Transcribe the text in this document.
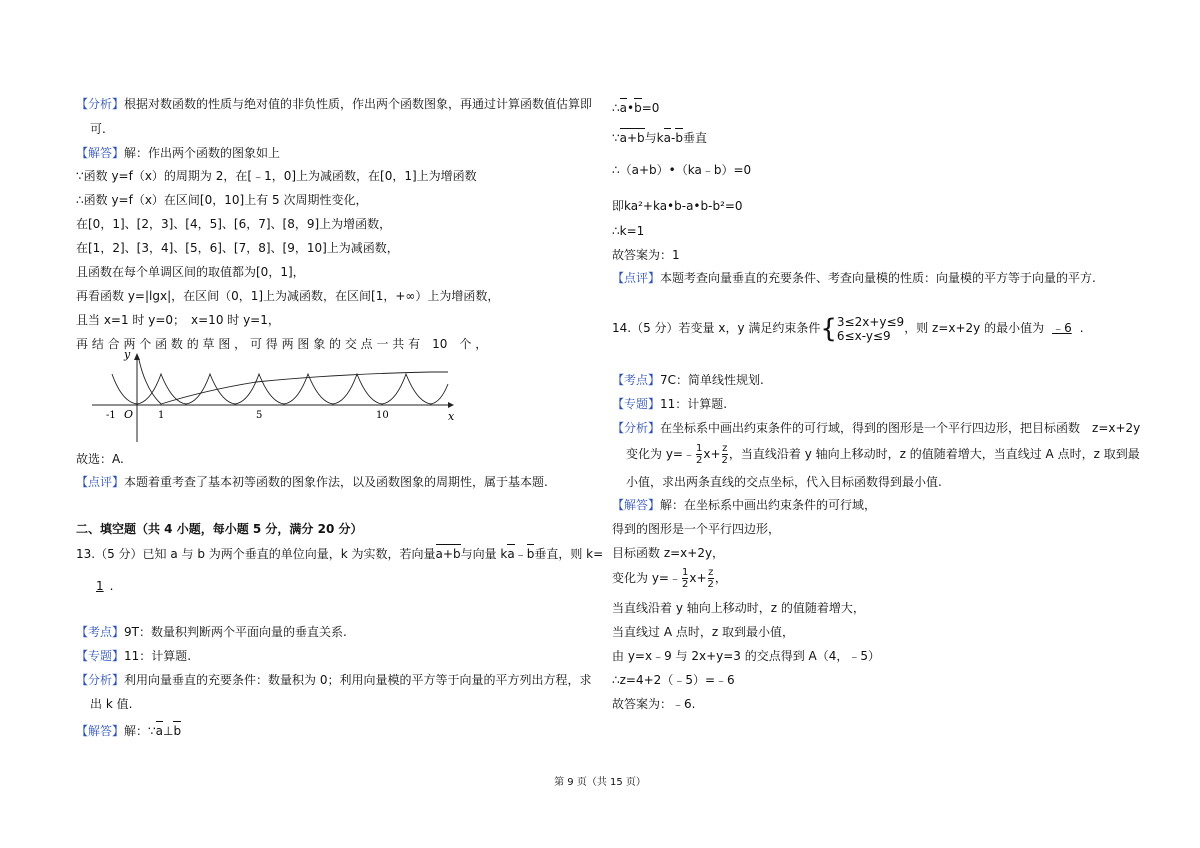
【分析】根据对数函数的性质与绝对值的非负性质，作出两个函数图象，再通过计算函数值估算即
可.
【解答】解：作出两个函数的图象如上
∵函数 y=f（x）的周期为 2，在[﹣1，0]上为减函数，在[0，1]上为增函数
∴函数 y=f（x）在区间[0，10]上有 5 次周期性变化，
在[0，1]、[2，3]、[4，5]、[6，7]、[8，9]上为增函数，
在[1，2]、[3，4]、[5，6]、[7，8]、[9，10]上为减函数，
且函数在每个单调区间的取值都为[0，1]，
再看函数 y=|lgx|，在区间（0，1]上为减函数，在区间[1，+∞）上为增函数，
且当 x=1 时 y=0；　x=10 时 y=1，
再 结 合 两 个 函 数 的 草 图 ， 可 得 两 图 象 的 交 点 一 共 有　10　个 ，
y
x
O
-1	1	5	10
故选：A.
【点评】本题着重考查了基本初等函数的图象作法，以及函数图象的周期性，属于基本题.
二、填空题（共 4 小题，每小题 5 分，满分 20 分）
13.（5 分）已知 a 与 b 为两个垂直的单位向量，k 为实数，若向量a+b与向量 ka﹣b垂直，则 k=
1 .
【考点】9T：数量积判断两个平面向量的垂直关系.
【专题】11：计算题.
【分析】利用向量垂直的充要条件：数量积为 0；利用向量模的平方等于向量的平方列出方程，求
出 k 值.
【解答】解：∵a⊥b
∴a•b=0
∵a+b与ka-b垂直
∴（a+b）•（ka﹣b）=0
即ka²+ka•b-a•b-b²=0
∴k=1
故答案为：1
【点评】本题考查向量垂直的充要条件、考查向量模的性质：向量模的平方等于向量的平方.
14.（5 分）若变量 x，y 满足约束条件{ 3≤2x+y≤9
6≤x-y≤9
，则 z=x+2y 的最小值为 ﹣6 .
【考点】7C：简单线性规划.
【专题】11：计算题.
【分析】在坐标系中画出约束条件的可行域，得到的图形是一个平行四边形，把目标函数　z=x+2y
变化为 y=﹣ $\frac{1}{2} x+ \frac{z}{2}$ ，当直线沿着 y 轴向上移动时，z 的值随着增大，当直线过 A 点时，z 取到最
小值，求出两条直线的交点坐标，代入目标函数得到最小值.
【解答】解：在坐标系中画出约束条件的可行域，
得到的图形是一个平行四边形，
目标函数 z=x+2y，
变化为 y=﹣ $\frac{1}{2} x+ \frac{z}{2}$ ，
当直线沿着 y 轴向上移动时，z 的值随着增大，
当直线过 A 点时，z 取到最小值，
由 y=x﹣9 与 2x+y=3 的交点得到 A（4，﹣5）
∴z=4+2（﹣5）=﹣6
故答案为：﹣6.
第 9 页（共 15 页）
